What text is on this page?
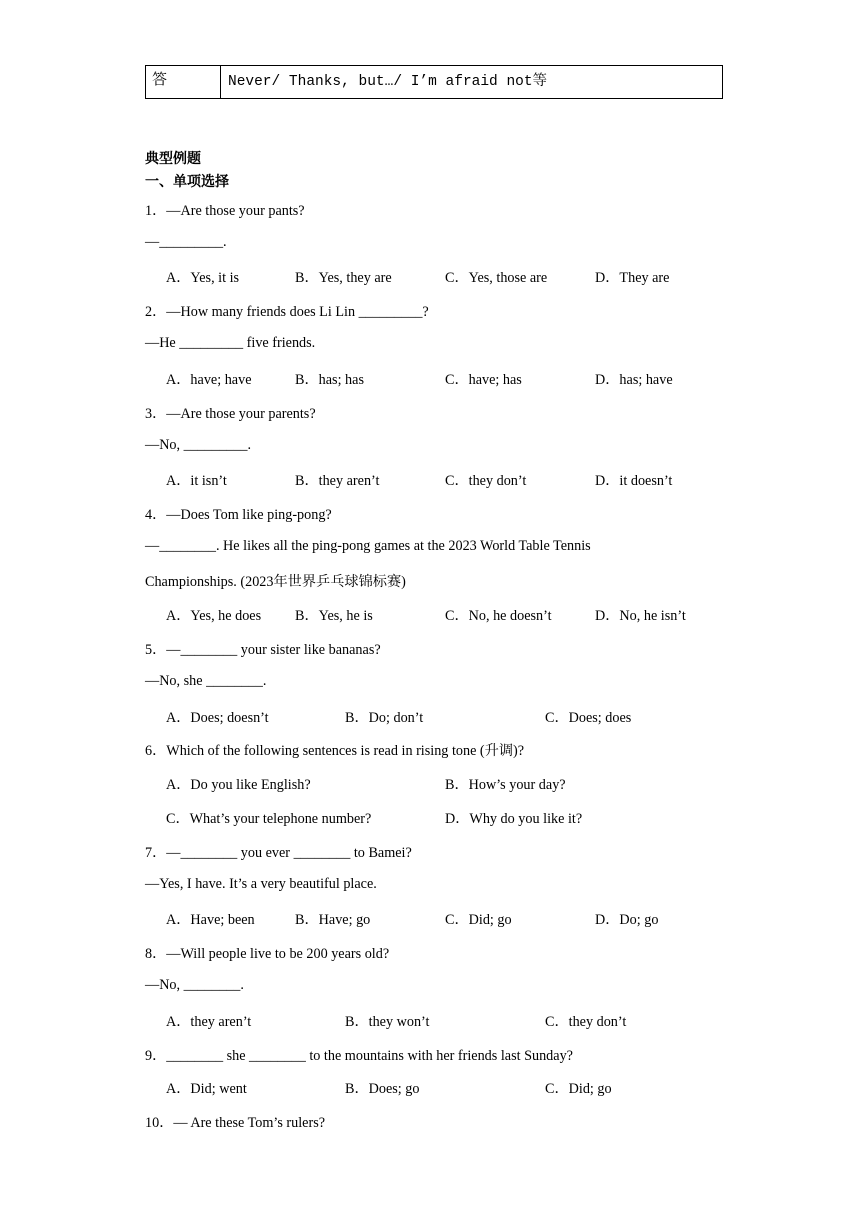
答	Never/ Thanks, but…/ I’m afraid not等
典型例题
一、单项选择
1．—Are those your pants?
—_________.
A．Yes, it is	B．Yes, they are	C．Yes, those are	D．They are
2．—How many friends does Li Lin _________?
—He _________ five friends.
A．have; have	B．has; has	C．have; has	D．has; have
3．—Are those your parents?
—No, _________.
A．it isn’t	B．they aren’t	C．they don’t	D．it doesn’t
4．—Does Tom like ping-pong?
—________. He likes all the ping-pong games at the 2023 World Table Tennis
Championships. (2023年世界乒乓球锦标赛)
A．Yes, he does B．Yes, he is	C．No, he doesn’t	D．No, he isn’t
5．—________ your sister like bananas?
—No, she ________.
A．Does; doesn’t	B．Do; don’t	C．Does; does
6．Which of the following sentences is read in rising tone (升调)?
A．Do you like English?	B．How’s your day?
C．What’s your telephone number?	D．Why do you like it?
7．—________ you ever ________ to Bamei?
—Yes, I have. It’s a very beautiful place.
A．Have; been	B．Have; go	C．Did; go	D．Do; go
8．—Will people live to be 200 years old?
—No, ________.
A．they aren’t	B．they won’t	C．they don’t
9．________ she ________ to the mountains with her friends last Sunday?
A．Did; went	B．Does; go	C．Did; go
10．— Are these Tom’s rulers?
